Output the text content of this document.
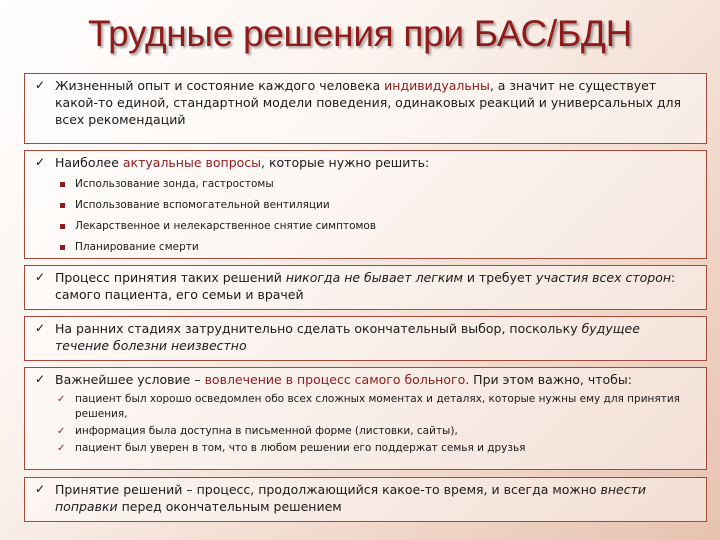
Трудные решения при БАС/БДН
✓ Жизненный опыт и состояние каждого человека индивидуальны, а значит не существует какой-то единой, стандартной модели поведения, одинаковых реакций и универсальных для всех рекомендаций
✓ Наиболее актуальные вопросы, которые нужно решить:
Использование зонда, гастростомы
Использование вспомогательной вентиляции
Лекарственное и нелекарственное снятие симптомов
Планирование смерти
✓ Процесс принятия таких решений никогда не бывает легким и требует участия всех сторон: самого пациента, его семьи и врачей
✓ На ранних стадиях затруднительно сделать окончательный выбор, поскольку будущее течение болезни неизвестно
✓ Важнейшее условие – вовлечение в процесс самого больного. При этом важно, чтобы:
✓ пациент был хорошо осведомлен обо всех сложных моментах и деталях, которые нужны ему для принятия решения,
✓ информация была доступна в письменной форме (листовки, сайты),
✓ пациент был уверен в том, что в любом решении его поддержат семья и друзья
✓ Принятие решений – процесс, продолжающийся какое-то время, и всегда можно внести поправки перед окончательным решением
